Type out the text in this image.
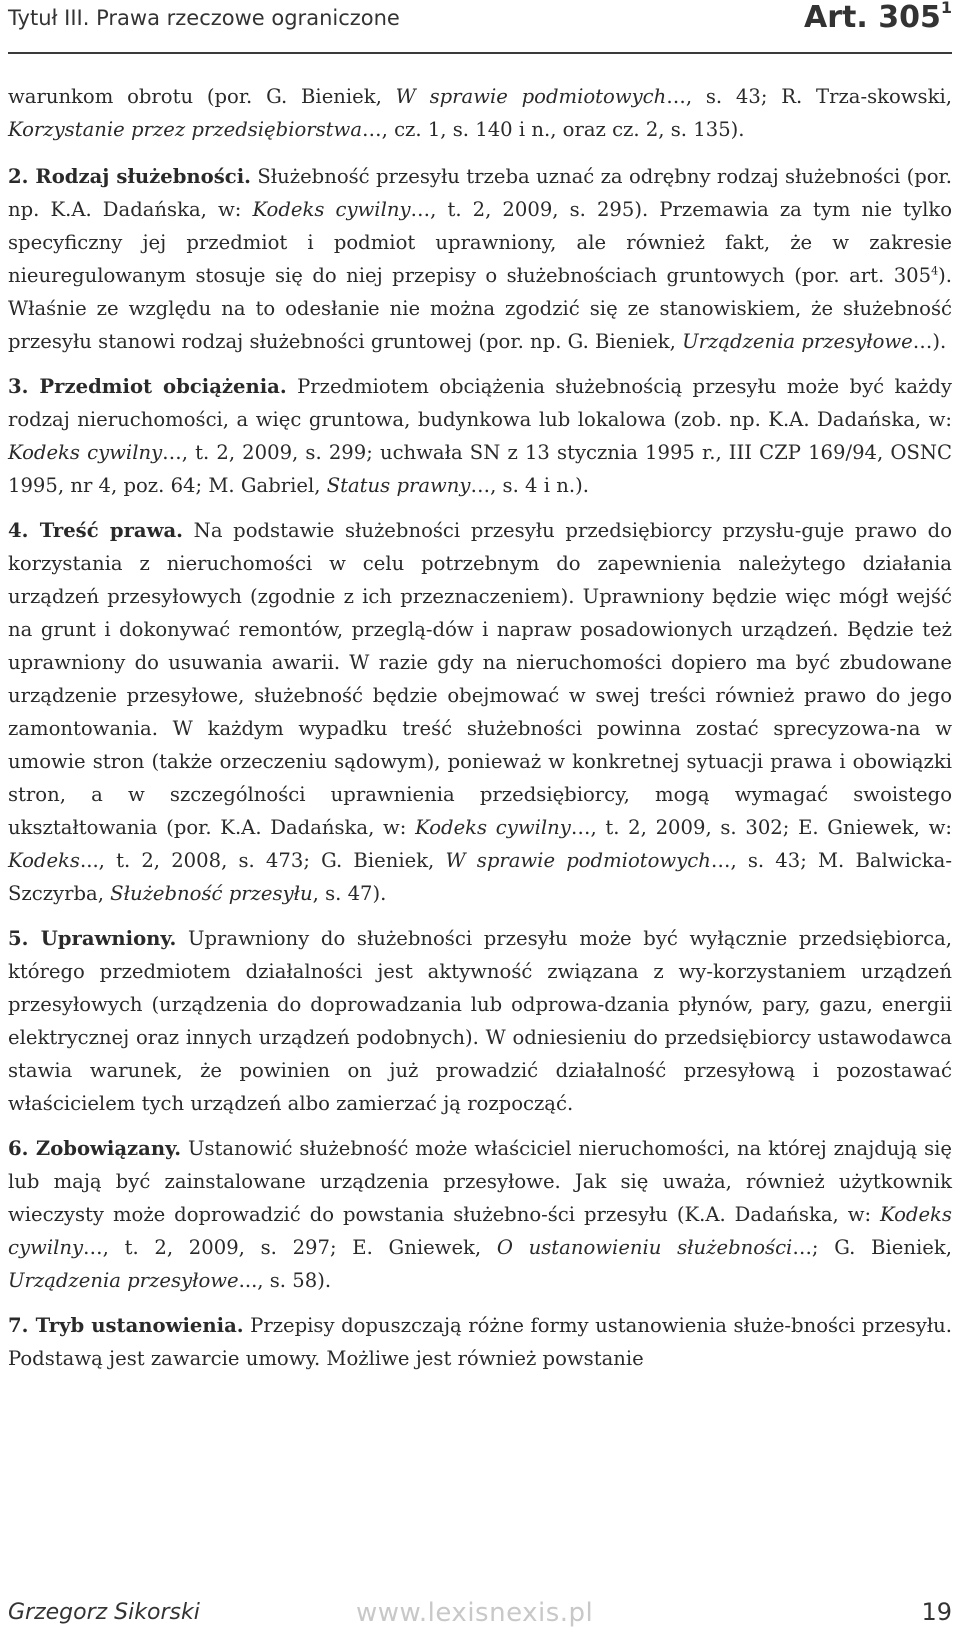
Tytuł III. Prawa rzeczowe ograniczone	Art. $305^1$

warunkom obrotu (por. G. Bieniek, W sprawie podmiotowych…, s. 43; R. Trza-skowski, Korzystanie przez przedsiębiorstwa…, cz. 1, s. 140 i n., oraz cz. 2, s. 135).

2. Rodzaj służebności. Służebność przesyłu trzeba uznać za odrębny rodzaj służebności (por. np. K.A. Dadańska, w: Kodeks cywilny…, t. 2, 2009, s. 295). Przemawia za tym nie tylko specyficzny jej przedmiot i podmiot uprawniony, ale również fakt, że w zakresie nieuregulowanym stosuje się do niej przepisy o służebnościach gruntowych (por. art. $305^4$). Właśnie ze względu na to odesłanie nie można zgodzić się ze stanowiskiem, że służebność przesyłu stanowi rodzaj służebności gruntowej (por. np. G. Bieniek, Urządzenia przesyłowe…).

3. Przedmiot obciążenia. Przedmiotem obciążenia służebnością przesyłu może być każdy rodzaj nieruchomości, a więc gruntowa, budynkowa lub lokalowa (zob. np. K.A. Dadańska, w: Kodeks cywilny…, t. 2, 2009, s. 299; uchwała SN z 13 stycznia 1995 r., III CZP 169/94, OSNC 1995, nr 4, poz. 64; M. Gabriel, Status prawny…, s. 4 i n.).

4. Treść prawa. Na podstawie służebności przesyłu przedsiębiorcy przysłu-guje prawo do korzystania z nieruchomości w celu potrzebnym do zapewnienia należytego działania urządzeń przesyłowych (zgodnie z ich przeznaczeniem). Uprawniony będzie więc mógł wejść na grunt i dokonywać remontów, przeglą-dów i napraw posadowionych urządzeń. Będzie też uprawniony do usuwania awarii. W razie gdy na nieruchomości dopiero ma być zbudowane urządzenie przesyłowe, służebność będzie obejmować w swej treści również prawo do jego zamontowania. W każdym wypadku treść służebności powinna zostać sprecyzowa-na w umowie stron (także orzeczeniu sądowym), ponieważ w konkretnej sytuacji prawa i obowiązki stron, a w szczególności uprawnienia przedsiębiorcy, mogą wymagać swoistego ukształtowania (por. K.A. Dadańska, w: Kodeks cywilny…, t. 2, 2009, s. 302; E. Gniewek, w: Kodeks..., t. 2, 2008, s. 473; G. Bieniek, W sprawie podmiotowych…, s. 43; M. Balwicka-Szczyrba, Służebność przesyłu, s. 47).

5. Uprawniony. Uprawniony do służebności przesyłu może być wyłącznie przedsiębiorca, którego przedmiotem działalności jest aktywność związana z wy-korzystaniem urządzeń przesyłowych (urządzenia do doprowadzania lub odprowa-dzania płynów, pary, gazu, energii elektrycznej oraz innych urządzeń podobnych). W odniesieniu do przedsiębiorcy ustawodawca stawia warunek, że powinien on już prowadzić działalność przesyłową i pozostawać właścicielem tych urządzeń albo zamierzać ją rozpocząć.

6. Zobowiązany. Ustanowić służebność może właściciel nieruchomości, na której znajdują się lub mają być zainstalowane urządzenia przesyłowe. Jak się uważa, również użytkownik wieczysty może doprowadzić do powstania służebno-ści przesyłu (K.A. Dadańska, w: Kodeks cywilny…, t. 2, 2009, s. 297; E. Gniewek, O ustanowieniu służebności…; G. Bieniek, Urządzenia przesyłowe..., s. 58).

7. Tryb ustanowienia. Przepisy dopuszczają różne formy ustanowienia służe-bności przesyłu. Podstawą jest zawarcie umowy. Możliwe jest również powstanie

Grzegorz Sikorski	www.lexisnexis.pl	19
